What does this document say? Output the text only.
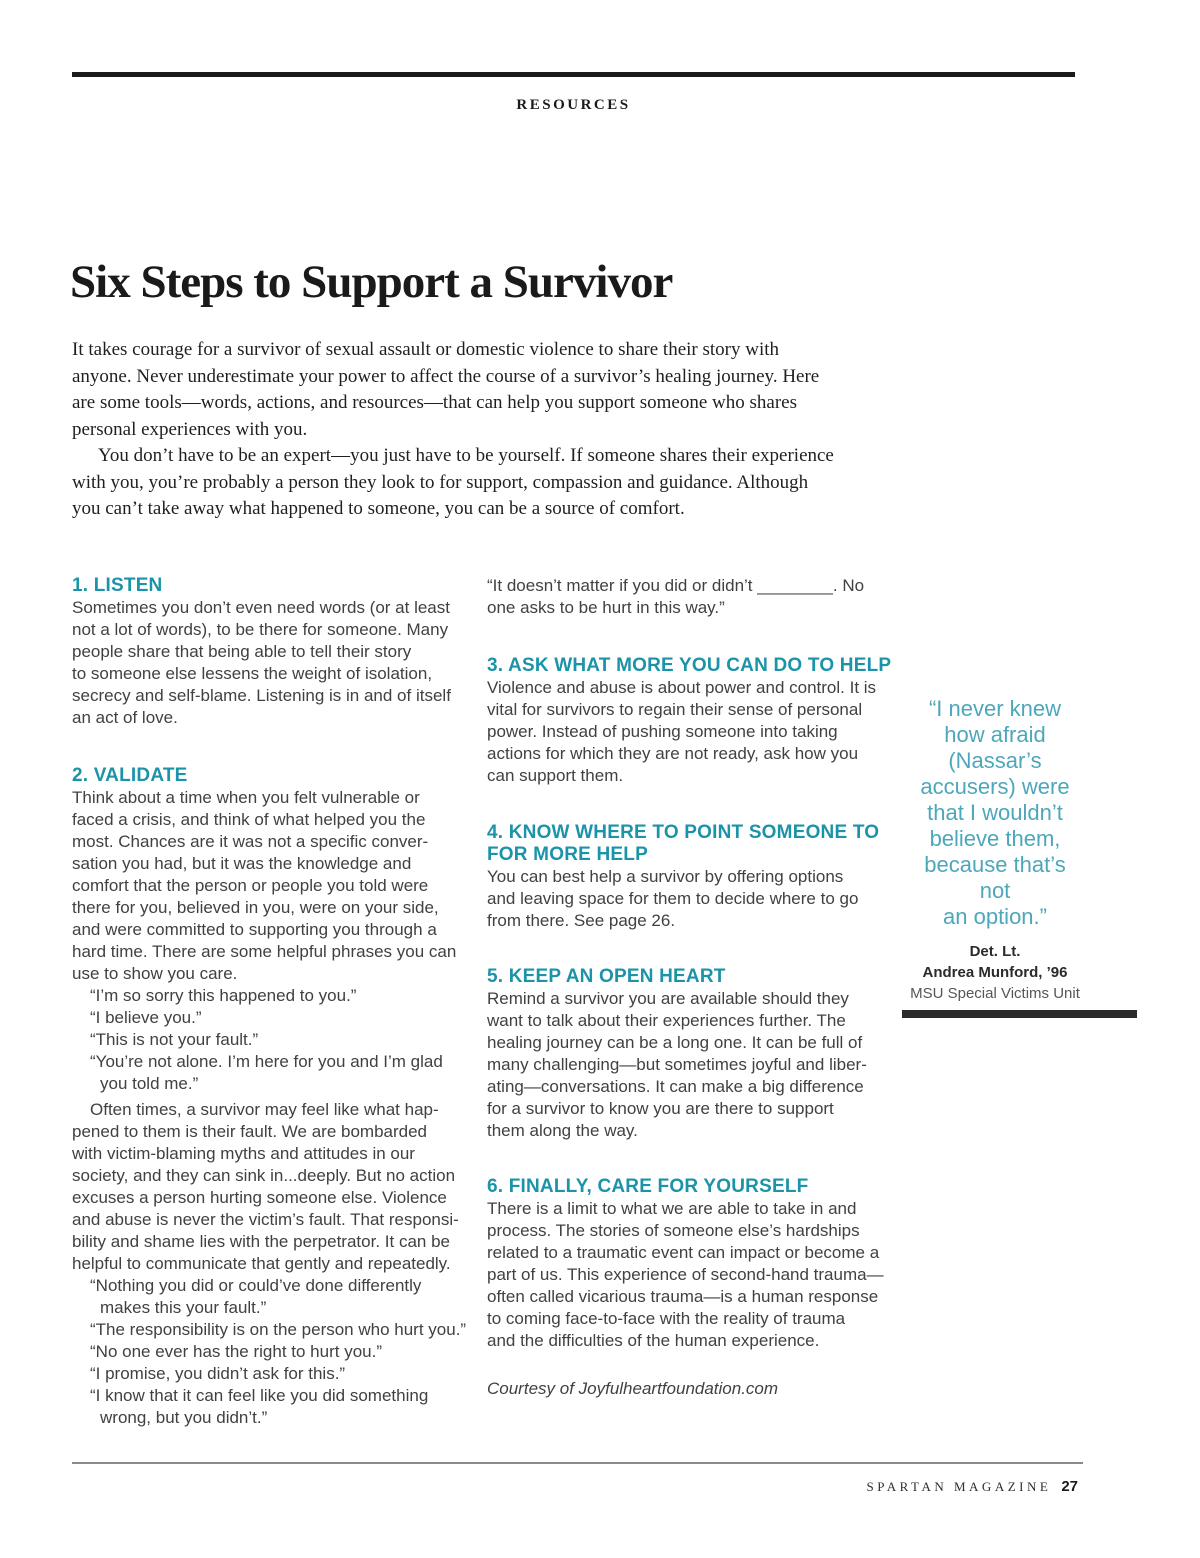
RESOURCES
Six Steps to Support a Survivor
It takes courage for a survivor of sexual assault or domestic violence to share their story with
anyone. Never underestimate your power to affect the course of a survivor’s healing journey. Here
are some tools—words, actions, and resources—that can help you support someone who shares
personal experiences with you.
You don’t have to be an expert—you just have to be yourself. If someone shares their experience
with you, you’re probably a person they look to for support, compassion and guidance. Although
you can’t take away what happened to someone, you can be a source of comfort.
1. LISTEN
Sometimes you don’t even need words (or at least
not a lot of words), to be there for someone. Many
people share that being able to tell their story
to someone else lessens the weight of isolation,
secrecy and self-blame. Listening is in and of itself
an act of love.
2. VALIDATE
Think about a time when you felt vulnerable or
faced a crisis, and think of what helped you the
most. Chances are it was not a specific conver-
sation you had, but it was the knowledge and
comfort that the person or people you told were
there for you, believed in you, were on your side,
and were committed to supporting you through a
hard time. There are some helpful phrases you can
use to show you care.
“I’m so sorry this happened to you.”
“I believe you.”
“This is not your fault.”
“You’re not alone. I’m here for you and I’m glad
you told me.”
Often times, a survivor may feel like what hap-
pened to them is their fault. We are bombarded
with victim-blaming myths and attitudes in our
society, and they can sink in...deeply. But no action
excuses a person hurting someone else. Violence
and abuse is never the victim’s fault. That responsi-
bility and shame lies with the perpetrator. It can be
helpful to communicate that gently and repeatedly.
“Nothing you did or could’ve done differently
makes this your fault.”
“The responsibility is on the person who hurt you.”
“No one ever has the right to hurt you.”
“I promise, you didn’t ask for this.”
“I know that it can feel like you did something
wrong, but you didn’t.”
“It doesn’t matter if you did or didn’t ________. No
one asks to be hurt in this way.”
3. ASK WHAT MORE YOU CAN DO TO HELP
Violence and abuse is about power and control. It is
vital for survivors to regain their sense of personal
power. Instead of pushing someone into taking
actions for which they are not ready, ask how you
can support them.
4. KNOW WHERE TO POINT SOMEONE TO
FOR MORE HELP
You can best help a survivor by offering options
and leaving space for them to decide where to go
from there. See page 26.
5. KEEP AN OPEN HEART
Remind a survivor you are available should they
want to talk about their experiences further. The
healing journey can be a long one. It can be full of
many challenging—but sometimes joyful and liber-
ating—conversations. It can make a big difference
for a survivor to know you are there to support
them along the way.
6. FINALLY, CARE FOR YOURSELF
There is a limit to what we are able to take in and
process. The stories of someone else’s hardships
related to a traumatic event can impact or become a
part of us. This experience of second-hand trauma—
often called vicarious trauma—is a human response
to coming face-to-face with the reality of trauma
and the difficulties of the human experience.
Courtesy of Joyfulheartfoundation.com
“I never knew
how afraid
(Nassar’s
accusers) were
that I wouldn’t
believe them,
because that’s
not
an option.”
Det. Lt.
Andrea Munford, ’96
MSU Special Victims Unit
SPARTAN MAGAZINE 27
